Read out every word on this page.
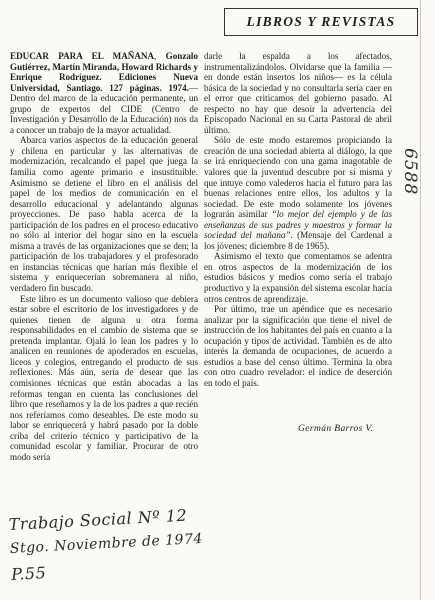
LIBROS Y REVISTAS

EDUCAR PARA EL MAÑANA, Gonzalo Gutiérrez, Martín Miranda, Howard Richards y Enrique Rodríguez. Ediciones Nueva Universidad, Santiago. 127 páginas. 1974.— Dentro del marco de la educación permanente, un grupo de expertos del CIDE (Centro de Investigación y Desarrollo de la Educación) nos da a conocer un trabajo de la mayor actualidad.

Abarca varios aspectos de la educación general y chilena en particular y las alternativas de modernización, recalcando el papel que juega la familia como agente primario e insustituible. Asimismo se detiene el libro en el análisis del papel de los medios de comunicación en el desarrollo educacional y adelantando algunas proyecciones. De paso habla acerca de la participación de los padres en el proceso educativo no sólo al interior del hogar sino en la escuela misma a través de las organizaciones que se den; la participación de los trabajadores y el profesorado en instancias técnicas que harían más flexible el sistema y enriquecerían sobremanera al niño, verdadero fin buscado.

Este libro es un documento valioso que debiera estar sobre el escritorio de los investigadores y de quienes tienen de alguna u otra forma responsabilidades en el cambio de sistema que se pretenda implantar. Ojalá lo lean los padres y lo analicen en reuniones de apoderados en escuelas, liceos y colegios, entregando el producto de sus reflexiones. Más aún, sería de desear que las comisiones técnicas que están abocadas a las reformas tengan en cuenta las conclusiones del libro que reseñamos y la de los padres a que recién nos referíamos como deseables. De este modo su labor se enriquecerá y habrá pasado por la doble criba del criterio técnico y participativo de la comunidad escolar y familiar. Procurar de otro modo sería

darle la espalda a los afectados, instrumentalizándolos. Olvidarse que la familia —en donde están insertos los niños— es la célula básica de la sociedad y no consultarla sería caer en el error que criticamos del gobierno pasado. Al respecto no hay que desoír la advertencia del Episcopado Nacional en su Carta Pastoral de abril último.

Sólo de este modo estaremos propiciando la creación de una sociedad abierta al diálogo, la que se irá enriqueciendo con una gama inagotable de valores que la juventud descubre por sí misma y que intuye como valederos hacia el futuro para las buenas relaciones entre ellos, los adultos y la sociedad. De este modo solamente los jóvenes lograrán asimilar “lo mejor del ejemplo y de las enseñanzas de sus padres y maestros y formar la sociedad del mañana”. (Mensaje del Cardenal a los jóvenes; diciembre 8 de 1965).

Asimismo el texto que comentamos se adentra en otros aspectos de la modernización de los estudios básicos y medios como sería el trabajo productivo y la expansión del sistema escolar hacia otros centros de aprendizaje.

Por último, trae un apéndice que es necesario analizar por la significación que tiene el nivel de instrucción de los habitantes del país en cuanto a la ocupación y tipos de actividad. También es de alto interés la demanda de ocupaciones, de acuerdo a estudios a base del censo último. Termina la obra con otro cuadro revelador: el índice de deserción en todo el país.

Germán Barros V.
6588
Trabajo Social Nº 12
Stgo. Noviembre de 1974
P.55
